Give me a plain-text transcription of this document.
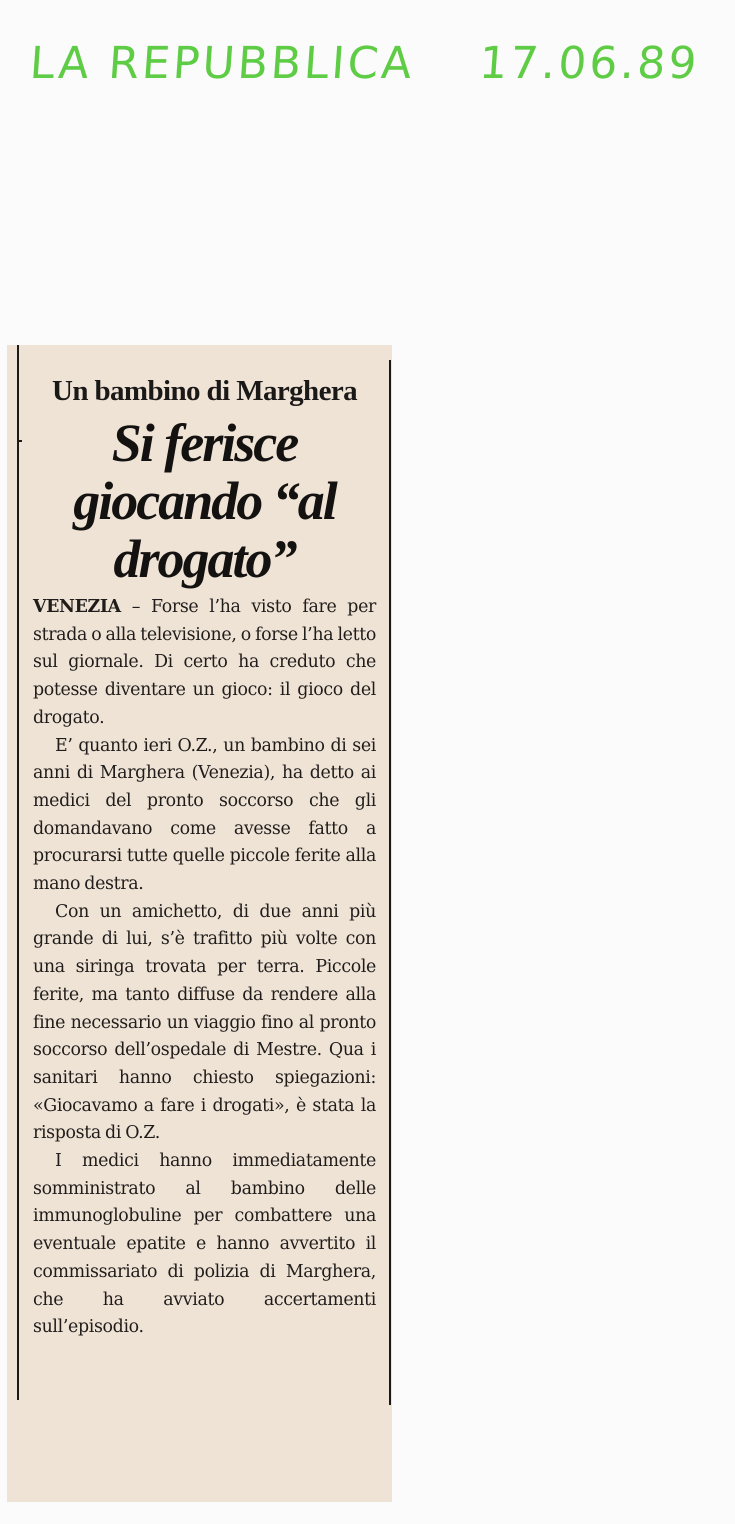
LA REPUBBLICA 17.06.89
Un bambino di Marghera
Si ferisce giocando “al drogato”

VENEZIA – Forse l’ha visto fare per strada o alla televisione, o forse l’ha letto sul giornale. Di certo ha creduto che potesse diventare un gioco: il gioco del drogato.

E’ quanto ieri O.Z., un bambino di sei anni di Marghera (Venezia), ha detto ai medici del pronto soccorso che gli domandavano come avesse fatto a procurarsi tutte quelle piccole ferite alla mano destra.

Con un amichetto, di due anni più grande di lui, s’è trafitto più volte con una siringa trovata per terra. Piccole ferite, ma tanto diffuse da rendere alla fine necessario un viaggio fino al pronto soccorso dell’ospedale di Mestre. Qua i sanitari hanno chiesto spiegazioni: «Giocavamo a fare i drogati», è stata la risposta di O.Z.

I medici hanno immediatamente somministrato al bambino delle immunoglobuline per combattere una eventuale epatite e hanno avvertito il commissariato di polizia di Marghera, che ha avviato accertamenti sull’episodio.
